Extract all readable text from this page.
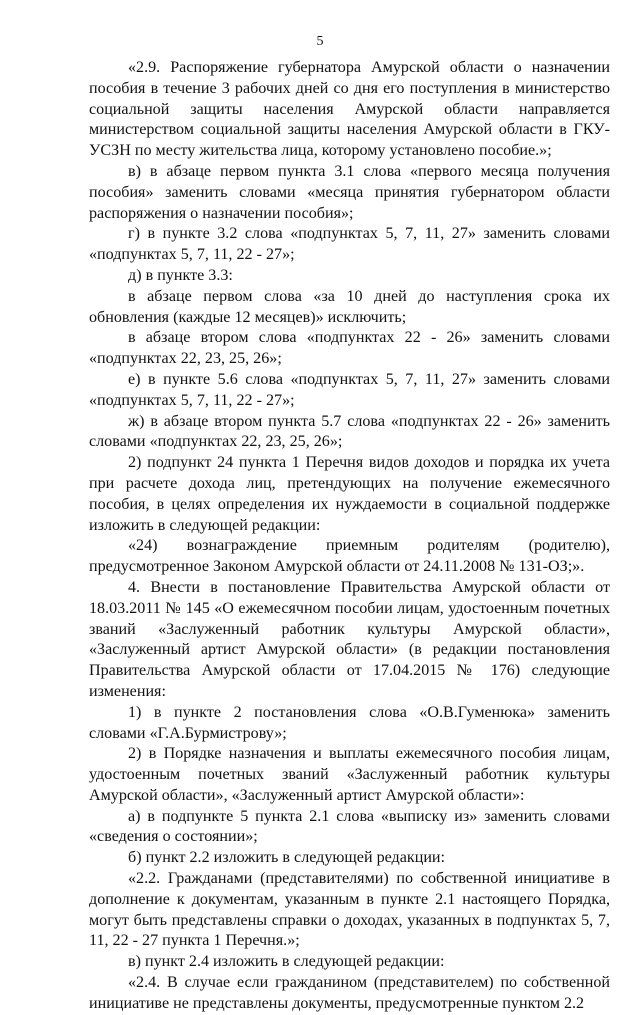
5

«2.9. Распоряжение губернатора Амурской области о назначении пособия в течение 3 рабочих дней со дня его поступления в министерство социальной защиты населения Амурской области направляется министерством социальной защиты населения Амурской области в ГКУ-УСЗН по месту жительства лица, которому установлено пособие.»;

в) в абзаце первом пункта 3.1 слова «первого месяца получения пособия» заменить словами «месяца принятия губернатором области распоряжения о назначении пособия»;

г) в пункте 3.2 слова «подпунктах 5, 7, 11, 27» заменить словами «подпунктах 5, 7, 11, 22 - 27»;

д) в пункте 3.3:

в абзаце первом слова «за 10 дней до наступления срока их обновления (каждые 12 месяцев)» исключить;

в абзаце втором слова «подпунктах 22 - 26» заменить словами «подпунктах 22, 23, 25, 26»;

е) в пункте 5.6 слова «подпунктах 5, 7, 11, 27» заменить словами «подпунктах 5, 7, 11, 22 - 27»;

ж) в абзаце втором пункта 5.7 слова «подпунктах 22 - 26» заменить словами «подпунктах 22, 23, 25, 26»;

2) подпункт 24 пункта 1 Перечня видов доходов и порядка их учета при расчете дохода лиц, претендующих на получение ежемесячного пособия, в целях определения их нуждаемости в социальной поддержке изложить в следующей редакции:

«24) вознаграждение приемным родителям (родителю), предусмотренное Законом Амурской области от 24.11.2008 № 131-ОЗ;».

4. Внести в постановление Правительства Амурской области от 18.03.2011 № 145 «О ежемесячном пособии лицам, удостоенным почетных званий «Заслуженный работник культуры Амурской области», «Заслуженный артист Амурской области» (в редакции постановления Правительства Амурской области от 17.04.2015 № 176) следующие изменения:

1) в пункте 2 постановления слова «О.В.Гуменюка» заменить словами «Г.А.Бурмистрову»;

2) в Порядке назначения и выплаты ежемесячного пособия лицам, удостоенным почетных званий «Заслуженный работник культуры Амурской области», «Заслуженный артист Амурской области»:

а) в подпункте 5 пункта 2.1 слова «выписку из» заменить словами «сведения о состоянии»;

б) пункт 2.2 изложить в следующей редакции:

«2.2. Гражданами (представителями) по собственной инициативе в дополнение к документам, указанным в пункте 2.1 настоящего Порядка, могут быть представлены справки о доходах, указанных в подпунктах 5, 7, 11, 22 - 27 пункта 1 Перечня.»;

в) пункт 2.4 изложить в следующей редакции:

«2.4. В случае если гражданином (представителем) по собственной инициативе не представлены документы, предусмотренные пунктом 2.2
